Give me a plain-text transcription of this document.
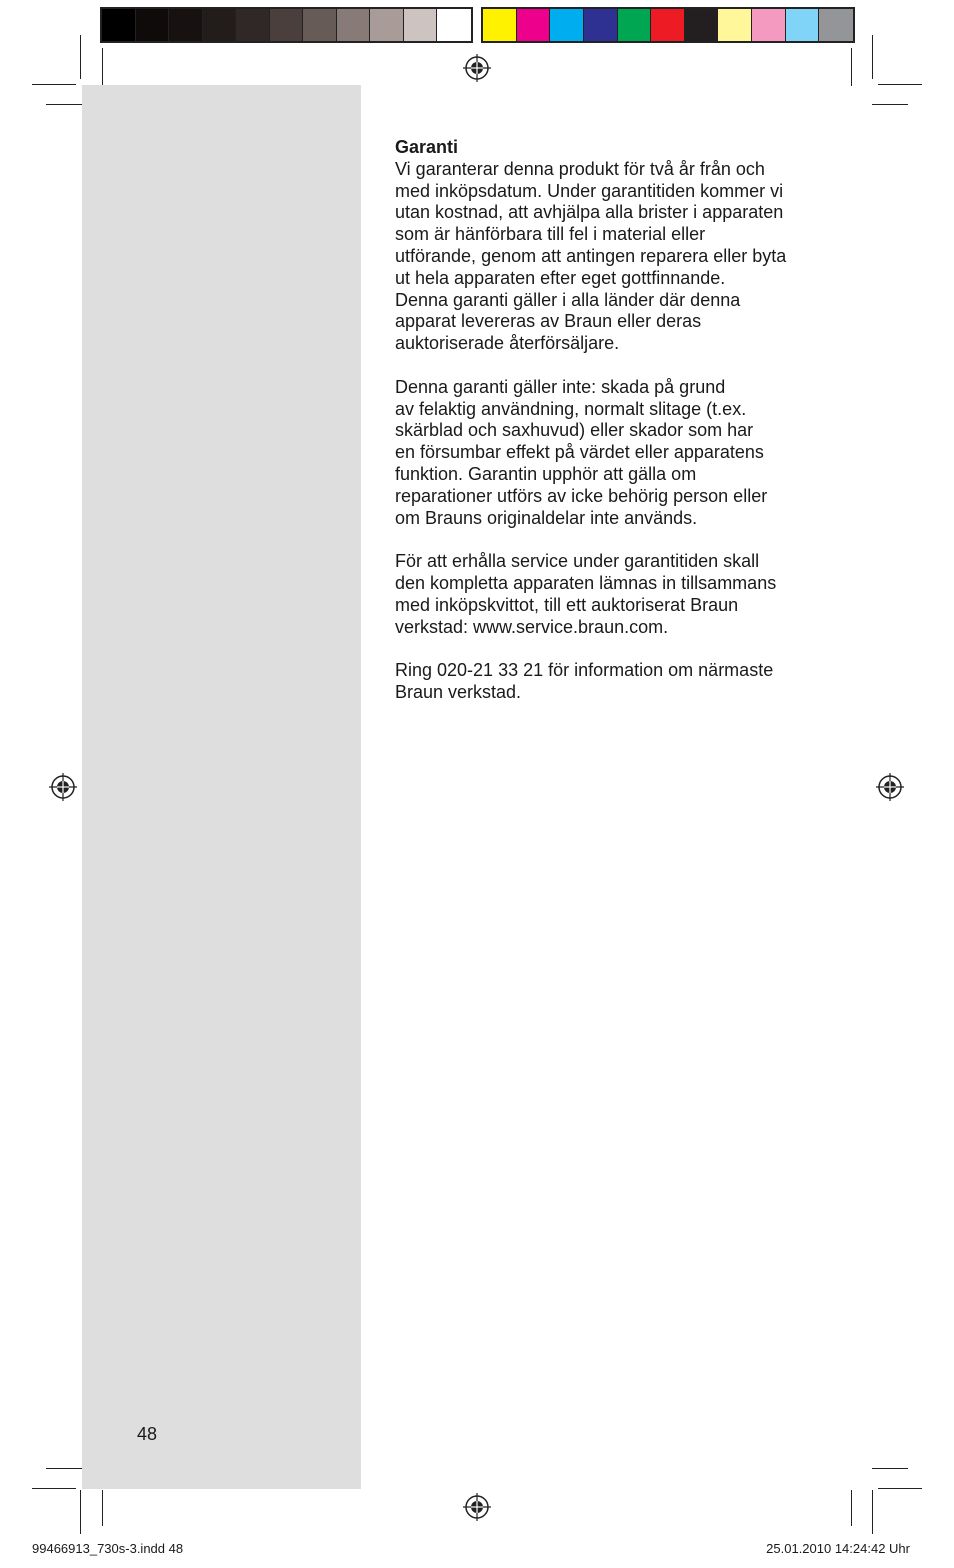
Garanti

Vi garanterar denna produkt för två år från och
med inköpsdatum. Under garantitiden kommer vi
utan kostnad, att avhjälpa alla brister i apparaten
som är hänförbara till fel i material eller
utförande, genom att antingen reparera eller byta
ut hela apparaten efter eget gottfinnande.
Denna garanti gäller i alla länder där denna
apparat levereras av Braun eller deras
auktoriserade återförsäljare.

Denna garanti gäller inte: skada på grund
av felaktig användning, normalt slitage (t.ex.
skärblad och saxhuvud) eller skador som har
en försumbar effekt på värdet eller apparatens
funktion. Garantin upphör att gälla om
reparationer utförs av icke behörig person eller
om Brauns originaldelar inte används.

För att erhålla service under garantitiden skall
den kompletta apparaten lämnas in tillsammans
med inköpskvittot, till ett auktoriserat Braun
verkstad: www.service.braun.com.

Ring 020-21 33 21 för information om närmaste
Braun verkstad.

48
99466913_730s-3.indd 48	25.01.2010 14:24:42 Uhr
